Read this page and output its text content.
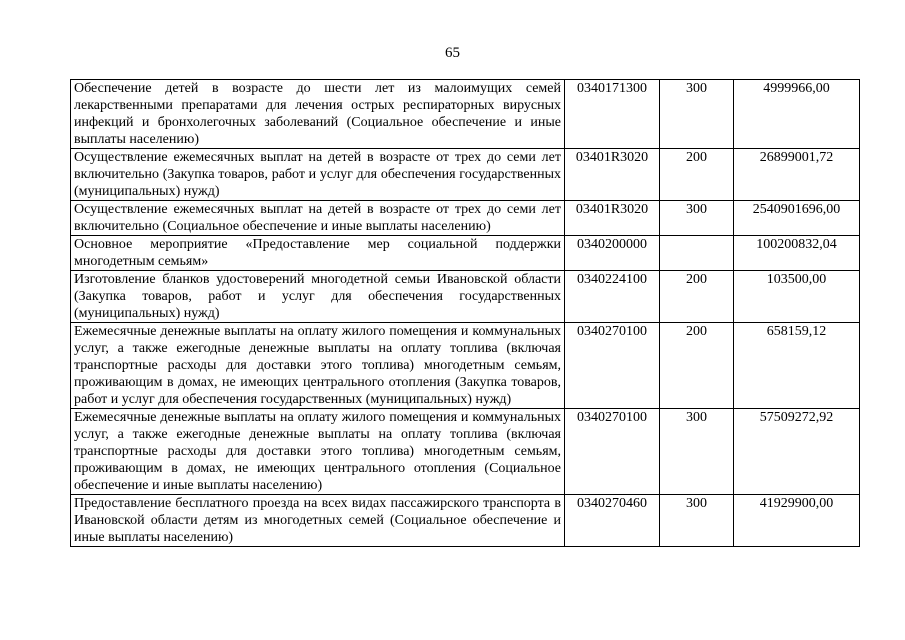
65
Обеспечение детей в возрасте до шести лет из малоимущих семей лекарственными препаратами для лечения острых респираторных вирусных инфекций и бронхолегочных заболеваний (Социальное обеспечение и иные выплаты населению)	0340171300	300	4999966,00
Осуществление ежемесячных выплат на детей в возрасте от трех до семи лет включительно (Закупка товаров, работ и услуг для обеспечения государственных (муниципальных) нужд)	03401R3020	200	26899001,72
Осуществление ежемесячных выплат на детей в возрасте от трех до семи лет включительно (Социальное обеспечение и иные выплаты населению)	03401R3020	300	2540901696,00
Основное мероприятие «Предоставление мер социальной поддержки многодетным семьям»	0340200000		100200832,04
Изготовление бланков удостоверений многодетной семьи Ивановской области (Закупка товаров, работ и услуг для обеспечения государственных (муниципальных) нужд)	0340224100	200	103500,00
Ежемесячные денежные выплаты на оплату жилого помещения и коммунальных услуг, а также ежегодные денежные выплаты на оплату топлива (включая транспортные расходы для доставки этого топлива) многодетным семьям, проживающим в домах, не имеющих центрального отопления (Закупка товаров, работ и услуг для обеспечения государственных (муниципальных) нужд)	0340270100	200	658159,12
Ежемесячные денежные выплаты на оплату жилого помещения и коммунальных услуг, а также ежегодные денежные выплаты на оплату топлива (включая транспортные расходы для доставки этого топлива) многодетным семьям, проживающим в домах, не имеющих центрального отопления (Социальное обеспечение и иные выплаты населению)	0340270100	300	57509272,92
Предоставление бесплатного проезда на всех видах пассажирского транспорта в Ивановской области детям из многодетных семей (Социальное обеспечение и иные выплаты населению)	0340270460	300	41929900,00
